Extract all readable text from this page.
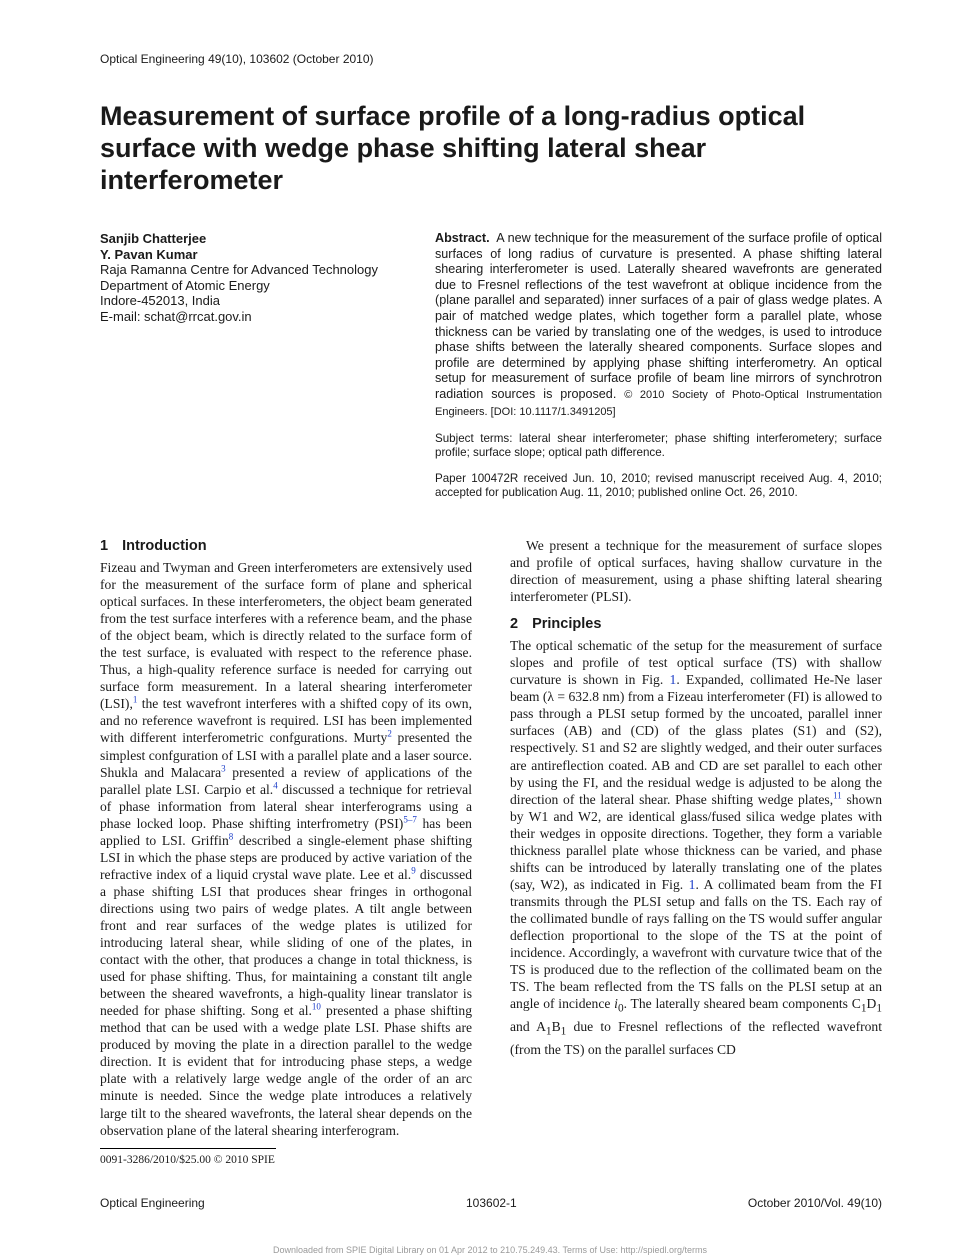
Optical Engineering 49(10), 103602 (October 2010)
Measurement of surface profile of a long-radius optical surface with wedge phase shifting lateral shear interferometer
Sanjib Chatterjee
Y. Pavan Kumar
Raja Ramanna Centre for Advanced Technology
Department of Atomic Energy
Indore-452013, India
E-mail: schat@rrcat.gov.in

Abstract. A new technique for the measurement of the surface profile of optical surfaces of long radius of curvature is presented. A phase shifting lateral shearing interferometer is used. Laterally sheared wavefronts are generated due to Fresnel reflections of the test wavefront at oblique incidence from the (plane parallel and separated) inner surfaces of a pair of glass wedge plates. A pair of matched wedge plates, which together form a parallel plate, whose thickness can be varied by translating one of the wedges, is used to introduce phase shifts between the laterally sheared components. Surface slopes and profile are determined by applying phase shifting interferometry. An optical setup for measurement of surface profile of beam line mirrors of synchrotron radiation sources is proposed. © 2010 Society of Photo-Optical Instrumentation Engineers. [DOI: 10.1117/1.3491205]

Subject terms: lateral shear interferometer; phase shifting interferometery; surface profile; surface slope; optical path difference.

Paper 100472R received Jun. 10, 2010; revised manuscript received Aug. 4, 2010; accepted for publication Aug. 11, 2010; published online Oct. 26, 2010.

1 Introduction

Fizeau and Twyman and Green interferometers are extensively used for the measurement of the surface form of plane and spherical optical surfaces. In these interferometers, the object beam generated from the test surface interferes with a reference beam, and the phase of the object beam, which is directly related to the surface form of the test surface, is evaluated with respect to the reference phase. Thus, a high-quality reference surface is needed for carrying out surface form measurement. In a lateral shearing interferometer (LSI),$^1$ the test wavefront interferes with a shifted copy of its own, and no reference wavefront is required. LSI has been implemented with different interferometric confgurations. Murty$^2$ presented the simplest confguration of LSI with a parallel plate and a laser source. Shukla and Malacara$^3$ presented a review of applications of the parallel plate LSI. Carpio et al.$^4$ discussed a technique for retrieval of phase information from lateral shear interferograms using a phase locked loop. Phase shifting interfrometry (PSI)$^{5-7}$ has been applied to LSI. Griffin$^8$ described a single-element phase shifting LSI in which the phase steps are produced by active variation of the refractive index of a liquid crystal wave plate. Lee et al.$^9$ discussed a phase shifting LSI that produces shear fringes in orthogonal directions using two pairs of wedge plates. A tilt angle between front and rear surfaces of the wedge plates is utilized for introducing lateral shear, while sliding of one of the plates, in contact with the other, that produces a change in total thickness, is used for phase shifting. Thus, for maintaining a constant tilt angle between the sheared wavefronts, a high-quality linear translator is needed for phase shifting. Song et al.$^{10}$ presented a phase shifting method that can be used with a wedge plate LSI. Phase shifts are produced by moving the plate in a direction parallel to the wedge direction. It is evident that for introducing phase steps, a wedge plate with a relatively large wedge angle of the order of an arc minute is needed. Since the wedge plate introduces a relatively large tilt to the sheared wavefronts, the lateral shear depends on the observation plane of the lateral shearing interferogram.

We present a technique for the measurement of surface slopes and profile of optical surfaces, having shallow curvature in the direction of measurement, using a phase shifting lateral shearing interferometer (PLSI).

2 Principles

The optical schematic of the setup for the measurement of surface slopes and profile of test optical surface (TS) with shallow curvature is shown in Fig. 1. Expanded, collimated He-Ne laser beam (λ = 632.8 nm) from a Fizeau interferometer (FI) is allowed to pass through a PLSI setup formed by the uncoated, parallel inner surfaces (AB) and (CD) of the glass plates (S1) and (S2), respectively. S1 and S2 are slightly wedged, and their outer surfaces are antireflection coated. AB and CD are set parallel to each other by using the FI, and the residual wedge is adjusted to be along the direction of the lateral shear. Phase shifting wedge plates,$^{11}$ shown by W1 and W2, are identical glass/fused silica wedge plates with their wedges in opposite directions. Together, they form a variable thickness parallel plate whose thickness can be varied, and phase shifts can be introduced by laterally translating one of the plates (say, W2), as indicated in Fig. 1. A collimated beam from the FI transmits through the PLSI setup and falls on the TS. Each ray of the collimated bundle of rays falling on the TS would suffer angular deflection proportional to the slope of the TS at the point of incidence. Accordingly, a wavefront with curvature twice that of the TS is produced due to the reflection of the collimated beam on the TS. The beam reflected from the TS falls on the PLSI setup at an angle of incidence $i_0$. The laterally sheared beam components $C_1D_1$ and $A_1B_1$ due to Fresnel reflections of the reflected wavefront (from the TS) on the parallel surfaces CD

0091-3286/2010/$25.00 © 2010 SPIE
Optical Engineering	103602-1	October 2010/Vol. 49(10)
Downloaded from SPIE Digital Library on 01 Apr 2012 to 210.75.249.43. Terms of Use: http://spiedl.org/terms
